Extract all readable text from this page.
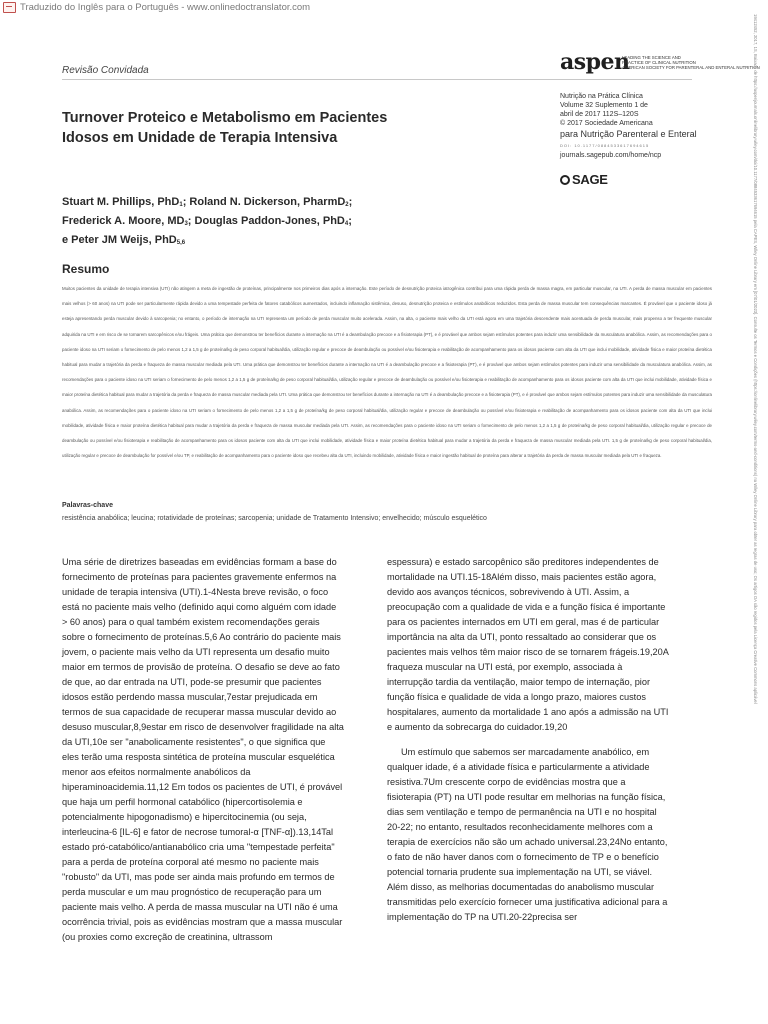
Traduzido do Inglês para o Português - www.onlinedoctranslator.com
Revisão Convidada	aspen
LEADING THE SCIENCE AND
PRACTICE OF CLINICAL NUTRITION
AMERICAN SOCIETY FOR PARENTERAL AND ENTERAL NUTRITION
Nutrição na Prática Clínica
Volume 32 Suplemento 1 de
abril de 2017 112S–120S
© 2017 Sociedade Americana
para Nutrição Parenteral e Enteral
DOI: 10.1177/0884533617694615
journals.sagepub.com/home/ncp
SAGE
Turnover Proteico e Metabolismo em Pacientes Idosos em Unidade de Terapia Intensiva
Stuart M. Phillips, PhD$_1$; Roland N. Dickerson, PharmD$_2$;
Frederick A. Moore, $MD_3$; Douglas Paddon-Jones, PhD$_4$;
e Peter JM Weijs, PhD$_{5,6}$
Resumo
Muitos pacientes da unidade de terapia intensiva (UTI) não atingem a meta de ingestão de proteínas, principalmente nos primeiros dias após a internação. Este período de desnutrição proteica iatrogênica contribui para uma rápida perda de massa magra, em particular muscular, na UTI. A perda de massa muscular em pacientes mais velhos (> 60 anos) na UTI pode ser particularmente rápida devido a uma tempestade perfeita de fatores catabólicos aumentados, incluindo inflamação sistêmica, desuso, desnutrição proteica e estímulos anabólicos reduzidos. Esta perda de massa muscular tem consequências marcantes. É provável que o paciente idoso já esteja apresentando perda muscular devido à sarcopenia; no entanto, o período de internação na UTI representa um período de perda muscular muito acelerada. Assim, na alta, o paciente mais velho da UTI está agora em uma trajetória descendente mais acentuada de perda muscular, mais propenso a ter frequente muscular adquirida na UTI e em risco de se tornarem sarcopênicos e/ou frágeis. Uma prática que demonstrou ter benefícios durante a internação na UTI é a deambulação precoce e a fisioterapia (PT), e é provável que ambos sejam estímulos potentes para induzir uma sensibilidade da musculatura anabólica. Assim, as recomendações para o paciente idoso na UTI seriam o fornecimento de pelo menos 1,2 a 1,5 g de proteína/kg de peso corporal habitual/dia, utilização regular e precoce de deambulação ou possível e/ou fisioterapia e reabilitação de acompanhamento para os idosos paciente com alta da UTI que inclui mobilidade, atividade física e maior proteína dietética habitual para mudar a trajetória da perda e fraqueza de massa muscular mediada pela UTI. Uma prática que demonstrou ter benefícios durante a internação na UTI é a deambulação precoce e a fisioterapia (PT), e é provável que ambos sejam estímulos potentes para induzir uma sensibilidade da musculatura anabólica. Assim, as recomendações para o paciente idoso na UTI seriam o fornecimento de pelo menos 1,2 a 1,5 g de proteína/kg de peso corporal habitual/dia, utilização regular e precoce de deambulação ou possível e/ou fisioterapia e reabilitação de acompanhamento para os idosos paciente com alta da UTI que inclui mobilidade, atividade física e maior proteína dietética habitual para mudar a trajetória da perda e fraqueza de massa muscular mediada pela UTI. Uma prática que demonstrou ter benefícios durante a internação na UTI é a deambulação precoce e a fisioterapia (PT), e é provável que ambos sejam estímulos potentes para induzir uma sensibilidade da musculatura anabólica. Assim, as recomendações para o paciente idoso na UTI seriam o fornecimento de pelo menos 1,2 a 1,5 g de proteína/kg de peso corporal habitual/dia, utilização regular e precoce de deambulação ou possível e/ou fisioterapia e reabilitação de acompanhamento para os idosos paciente com alta da UTI que inclui mobilidade, atividade física e maior proteína dietética habitual para mudar a trajetória da perda e fraqueza de massa muscular mediada pela UTI. Assim, as recomendações para o paciente idoso na UTI seriam o fornecimento de pelo menos 1,2 a 1,5 g de proteína/kg de peso corporal habitual/dia, utilização regular e precoce de deambulação ou possível e/ou fisioterapia e reabilitação de acompanhamento para os idosos paciente com alta da UTI que inclui mobilidade, atividade física e maior proteína dietética habitual para mudar a trajetória da perda e fraqueza de massa muscular mediada pela UTI. 1,5 g de proteína/kg de peso corporal habitual/dia, utilização regular e precoce de deambulação for possível e/ou TP, e reabilitação de acompanhamento para o paciente idoso que recebeu alta da UTI, incluindo mobilidade, atividade física e maior ingestão habitual de proteína para alterar a trajetória da perda de massa muscular mediada pela UTI e fraqueza.
Palavras-chave
resistência anabólica; leucina; rotatividade de proteínas; sarcopenia; unidade de Tratamento Intensivo; envelhecido; músculo esquelético

Uma série de diretrizes baseadas em evidências formam a base do fornecimento de proteínas para pacientes gravemente enfermos na unidade de terapia intensiva (UTI).1-4Nesta breve revisão, o foco está no paciente mais velho (definido aqui como alguém com idade > 60 anos) para o qual também existem recomendações gerais sobre o fornecimento de proteínas.5,6 Ao contrário do paciente mais jovem, o paciente mais velho da UTI representa um desafio muito maior em termos de provisão de proteína. O desafio se deve ao fato de que, ao dar entrada na UTI, pode-se presumir que pacientes idosos estão perdendo massa muscular,7estar prejudicada em termos de sua capacidade de recuperar massa muscular devido ao desuso muscular,8,9estar em risco de desenvolver fragilidade na alta da UTI,10e ser "anabolicamente resistentes", o que significa que eles terão uma resposta sintética de proteína muscular esquelética menor aos efeitos normalmente anabólicos da hiperaminoacidemia.11,12 Em todos os pacientes de UTI, é provável que haja um perfil hormonal catabólico (hipercortisolemia e potencialmente hipogonadismo) e hipercitocinemia (ou seja, interleucina-6 [IL-6] e fator de necrose tumoral-α [TNF-α]).13,14Tal estado pró-catabólico/antianabólico cria uma "tempestade perfeita" para a perda de proteína corporal até mesmo no paciente mais "robusto" da UTI, mas pode ser ainda mais profundo em termos de perda muscular e um mau prognóstico de recuperação para um paciente mais velho. A perda de massa muscular na UTI não é uma ocorrência trivial, pois as evidências mostram que a massa muscular (ou proxies como excreção de creatinina, ultrassom

espessura) e estado sarcopênico são preditores independentes de mortalidade na UTI.15-18Além disso, mais pacientes estão agora, devido aos avanços técnicos, sobrevivendo à UTI. Assim, a preocupação com a qualidade de vida e a função física é importante para os pacientes internados em UTI em geral, mas é de particular importância na alta da UTI, ponto ressaltado ao considerar que os pacientes mais velhos têm maior risco de se tornarem frágeis.19,20A fraqueza muscular na UTI está, por exemplo, associada à interrupção tardia da ventilação, maior tempo de internação, pior função física e qualidade de vida a longo prazo, maiores custos hospitalares, aumento da mortalidade 1 ano após a admissão na UTI e aumento da sobrecarga do cuidador.19,20

Um estímulo que sabemos ser marcadamente anabólico, em qualquer idade, é a atividade física e particularmente a atividade resistiva.7Um crescente corpo de evidências mostra que a fisioterapia (PT) na UTI pode resultar em melhorias na função física, dias sem ventilação e tempo de permanência na UTI e no hospital 20-22; no entanto, resultados reconhecidamente melhores com a terapia de exercícios não são um achado universal.23,24No entanto, o fato de não haver danos com o fornecimento de TP e o benefício potencial tornaria prudente sua implementação na UTI, se viável. Além disso, as melhorias documentadas do anabolismo muscular transmitidas pelo exercício fornecer uma justificativa adicional para a implementação do TP na UTI.20-22precisa ser

19412452, 2017, 1S, Baixado de https://aspenjournals.onlinelibrary.wiley.com/doi/10.1177/0884533617694615 pela CAPES, Wiley Online Library em [07/01/2023]. Consulte os Termos e Condições (https://onlinelibrary.wiley.com/terms-and-conditions) na Wiley Online Library para obter as regras de uso; Os artigos OA são regidos pela Licença Creative Commons aplicável
